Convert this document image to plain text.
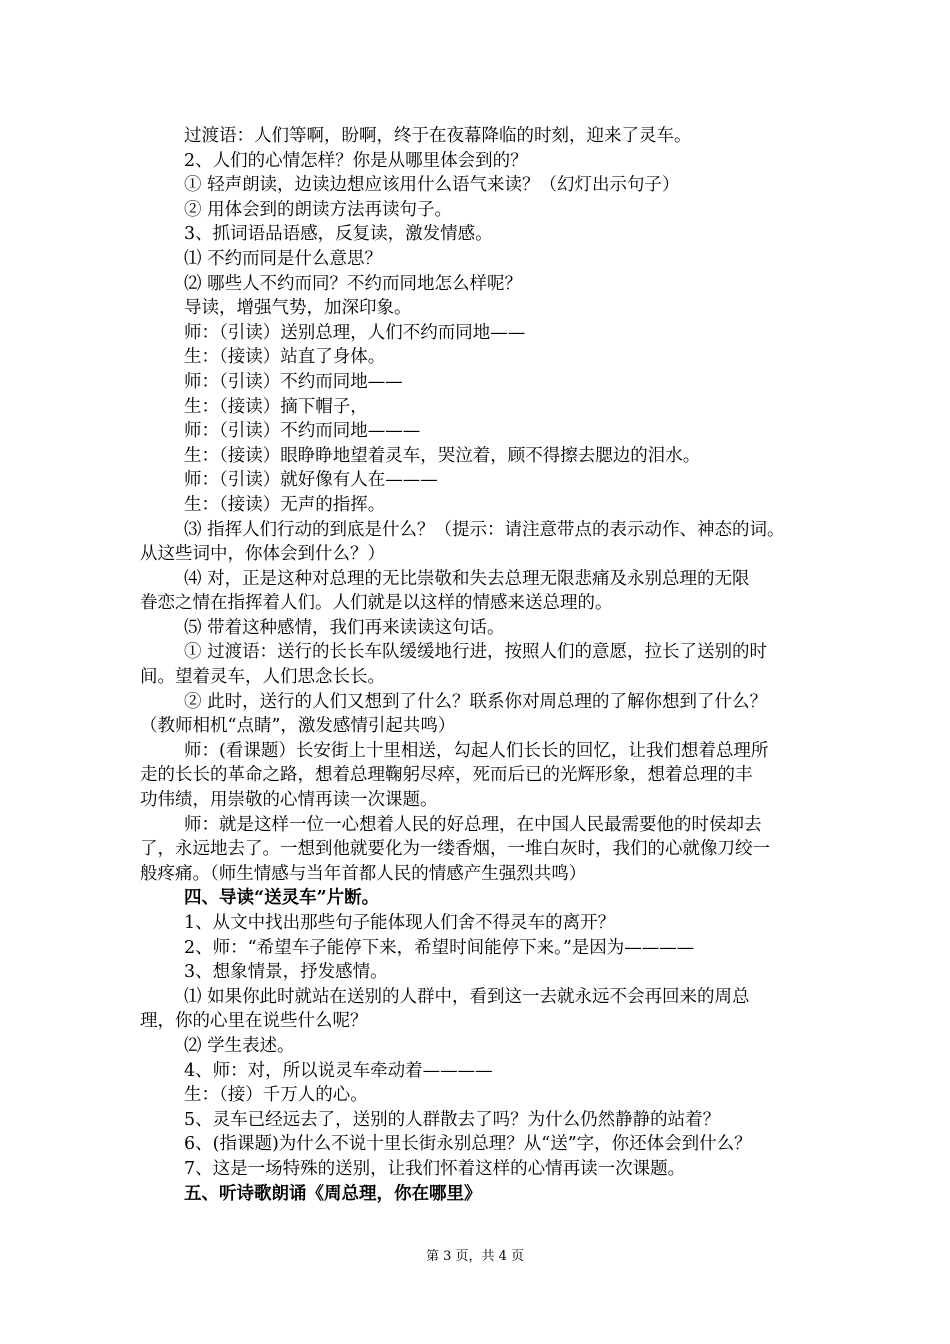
过渡语：人们等啊，盼啊，终于在夜幕降临的时刻，迎来了灵车。
2、人们的心情怎样？你是从哪里体会到的？
① 轻声朗读，边读边想应该用什么语气来读？（幻灯出示句子）
② 用体会到的朗读方法再读句子。
3、抓词语品语感，反复读，激发情感。
⑴ 不约而同是什么意思？
⑵ 哪些人不约而同？不约而同地怎么样呢？
导读，增强气势，加深印象。
师：（引读）送别总理，人们不约而同地——
生：（接读）站直了身体。
师：（引读）不约而同地——
生：（接读）摘下帽子，
师：（引读）不约而同地———
生：（接读）眼睁睁地望着灵车，哭泣着，顾不得擦去腮边的泪水。
师：（引读）就好像有人在———
生：（接读）无声的指挥。
⑶ 指挥人们行动的到底是什么？（提示：请注意带点的表示动作、神态的词。
从这些词中，你体会到什么？）
⑷ 对，正是这种对总理的无比崇敬和失去总理无限悲痛及永别总理的无限
眷恋之情在指挥着人们。人们就是以这样的情感来送总理的。
⑸ 带着这种感情，我们再来读读这句话。
① 过渡语：送行的长长车队缓缓地行进，按照人们的意愿，拉长了送别的时
间。望着灵车，人们思念长长。
② 此时，送行的人们又想到了什么？联系你对周总理的了解你想到了什么？
（教师相机“点睛”，激发感情引起共鸣）
师：(看课题）长安街上十里相送，勾起人们长长的回忆，让我们想着总理所
走的长长的革命之路，想着总理鞠躬尽瘁，死而后已的光辉形象，想着总理的丰
功伟绩，用崇敬的心情再读一次课题。
师：就是这样一位一心想着人民的好总理，在中国人民最需要他的时侯却去
了，永远地去了。一想到他就要化为一缕香烟，一堆白灰时，我们的心就像刀绞一
般疼痛。（师生情感与当年首都人民的情感产生强烈共鸣）
四、导读“送灵车”片断。
1、从文中找出那些句子能体现人们舍不得灵车的离开？
2、师：“希望车子能停下来，希望时间能停下来。”是因为————
3、想象情景，抒发感情。
⑴ 如果你此时就站在送别的人群中，看到这一去就永远不会再回来的周总
理，你的心里在说些什么呢？
⑵ 学生表述。
4、师：对，所以说灵车牵动着————
生：（接）千万人的心。
5、灵车已经远去了，送别的人群散去了吗？为什么仍然静静的站着？
6、(指课题)为什么不说十里长街永别总理？从“送”字，你还体会到什么？
7、这是一场特殊的送别，让我们怀着这样的心情再读一次课题。
五、听诗歌朗诵《周总理，你在哪里》
第 3 页，共 4 页
